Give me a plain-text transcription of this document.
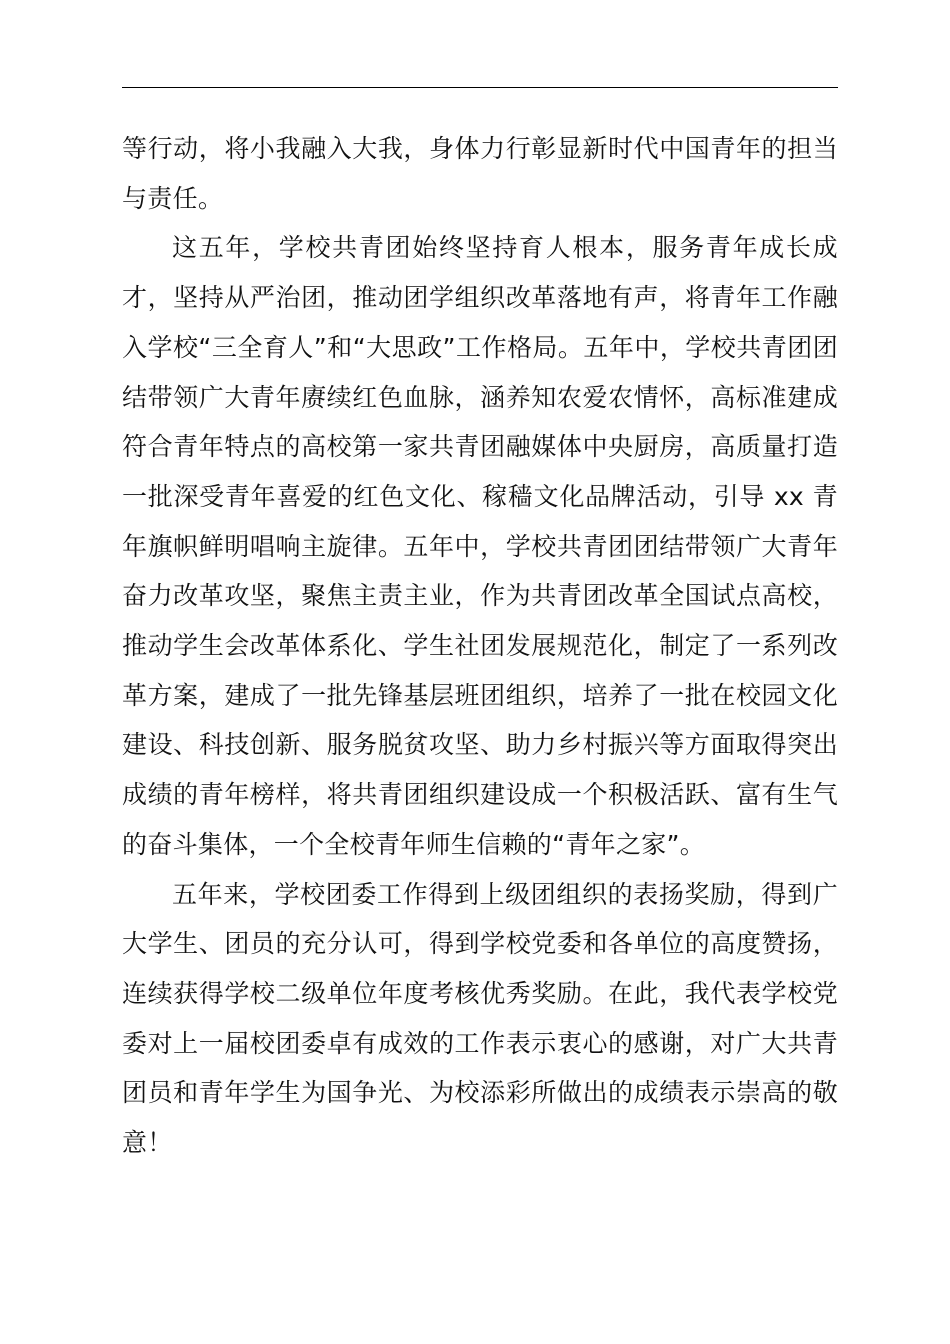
等行动，将小我融入大我，身体力行彰显新时代中国青年的担当与责任。

这五年，学校共青团始终坚持育人根本，服务青年成长成才，坚持从严治团，推动团学组织改革落地有声，将青年工作融入学校“三全育人”和“大思政”工作格局。五年中，学校共青团团结带领广大青年赓续红色血脉，涵养知农爱农情怀，高标准建成符合青年特点的高校第一家共青团融媒体中央厨房，高质量打造一批深受青年喜爱的红色文化、稼穑文化品牌活动，引导 xx 青年旗帜鲜明唱响主旋律。五年中，学校共青团团结带领广大青年奋力改革攻坚，聚焦主责主业，作为共青团改革全国试点高校，推动学生会改革体系化、学生社团发展规范化，制定了一系列改革方案，建成了一批先锋基层班团组织，培养了一批在校园文化建设、科技创新、服务脱贫攻坚、助力乡村振兴等方面取得突出成绩的青年榜样，将共青团组织建设成一个积极活跃、富有生气的奋斗集体，一个全校青年师生信赖的“青年之家”。

五年来，学校团委工作得到上级团组织的表扬奖励，得到广大学生、团员的充分认可，得到学校党委和各单位的高度赞扬，连续获得学校二级单位年度考核优秀奖励。在此，我代表学校党委对上一届校团委卓有成效的工作表示衷心的感谢，对广大共青团员和青年学生为国争光、为校添彩所做出的成绩表示崇高的敬意！
